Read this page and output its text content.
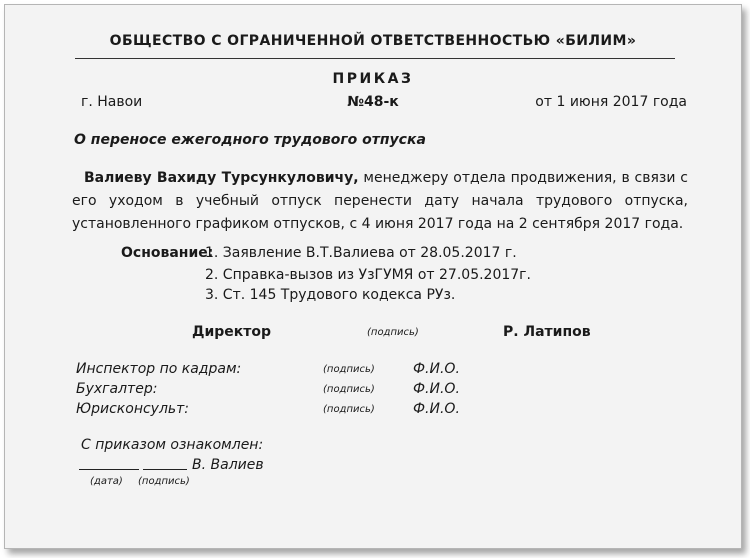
ОБЩЕСТВО С ОГРАНИЧЕННОЙ ОТВЕТСТВЕННОСТЬЮ «БИЛИМ»
ПРИКАЗ
г. Навои	№48-к	от 1 июня 2017 года
О переносе ежегодного трудового отпуска
Валиеву Вахиду Турсункуловичу, менеджеру отдела продвижения, в связи с его уходом в учебный отпуск перенести дату начала трудового отпуска, установленного графиком отпусков, с 4 июня 2017 года на 2 сентября 2017 года.
Основание:
1. Заявление В.Т.Валиева от 28.05.2017 г.
2. Справка-вызов из УзГУМЯ от 27.05.2017г.
3. Ст. 145 Трудового кодекса РУз.
Директор	(подпись)	Р. Латипов
Инспектор по кадрам:	(подпись)	Ф.И.О.
Бухгалтер:	(подпись)	Ф.И.О.
Юрисконсульт:	(подпись)	Ф.И.О.
С приказом ознакомлен:
В. Валиев
(дата) (подпись)
